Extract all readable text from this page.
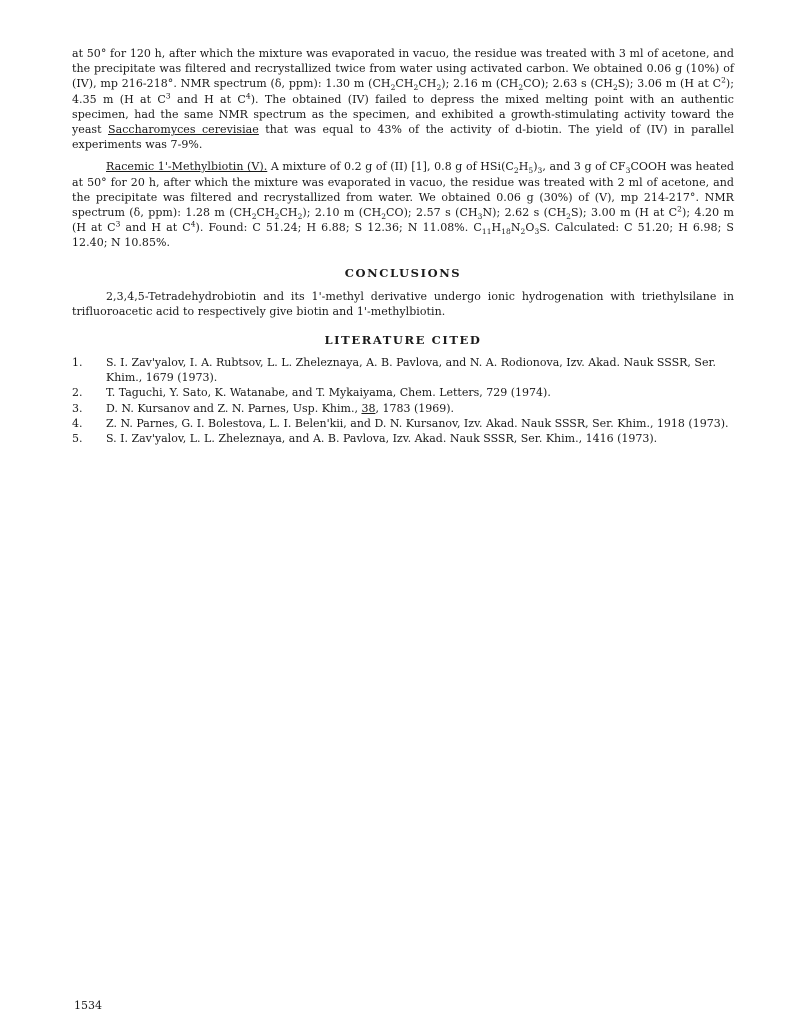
at 50° for 120 h, after which the mixture was evaporated in vacuo, the residue was treated with 3 ml of acetone, and the precipitate was filtered and recrystallized twice from water using activated carbon. We obtained 0.06 g (10%) of (IV), mp 216-218°. NMR spectrum (δ, ppm): 1.30 m $(CH_2CH_2CH_2)$; 2.16 m $(CH_2CO)$; 2.63 s $(CH_2S)$; 3.06 m (H at $C^2$); 4.35 m (H at $C^3$ and H at $C^4$). The obtained (IV) failed to depress the mixed melting point with an authentic specimen, had the same NMR spectrum as the specimen, and exhibited a growth-stimulating activity toward the yeast Saccharomyces cerevisiae that was equal to 43% of the activity of d-biotin. The yield of (IV) in parallel experiments was 7-9%.

Racemic 1'-Methylbiotin (V). A mixture of 0.2 g of (II) [1], 0.8 g of $HSi(C_2H_5)_3$, and 3 g of $CF_3COOH$ was heated at 50° for 20 h, after which the mixture was evaporated in vacuo, the residue was treated with 2 ml of acetone, and the precipitate was filtered and recrystallized from water. We obtained 0.06 g (30%) of (V), mp 214-217°. NMR spectrum (δ, ppm): 1.28 m $(CH_2CH_2CH_2)$; 2.10 m $(CH_2CO)$; 2.57 s $(CH_3N)$; 2.62 s $(CH_2S)$; 3.00 m (H at $C^2$); 4.20 m (H at $C^3$ and H at $C^4$). Found: C 51.24; H 6.88; S 12.36; N 11.08%. $C_{11}H_{18}N_2O_3S$. Calculated: C 51.20; H 6.98; S 12.40; N 10.85%.

CONCLUSIONS

2,3,4,5-Tetradehydrobiotin and its 1'-methyl derivative undergo ionic hydrogenation with triethylsilane in trifluoroacetic acid to respectively give biotin and 1'-methylbiotin.

LITERATURE CITED
1.	S. I. Zav'yalov, I. A. Rubtsov, L. L. Zheleznaya, A. B. Pavlova, and N. A. Rodionova, Izv. Akad. Nauk SSSR, Ser. Khim., 1679 (1973).
2.	T. Taguchi, Y. Sato, K. Watanabe, and T. Mykaiyama, Chem. Letters, 729 (1974).
3.	D. N. Kursanov and Z. N. Parnes, Usp. Khim., 38, 1783 (1969).
4.	Z. N. Parnes, G. I. Bolestova, L. I. Belen'kii, and D. N. Kursanov, Izv. Akad. Nauk SSSR, Ser. Khim., 1918 (1973).
5.	S. I. Zav'yalov, L. L. Zheleznaya, and A. B. Pavlova, Izv. Akad. Nauk SSSR, Ser. Khim., 1416 (1973).
1534
